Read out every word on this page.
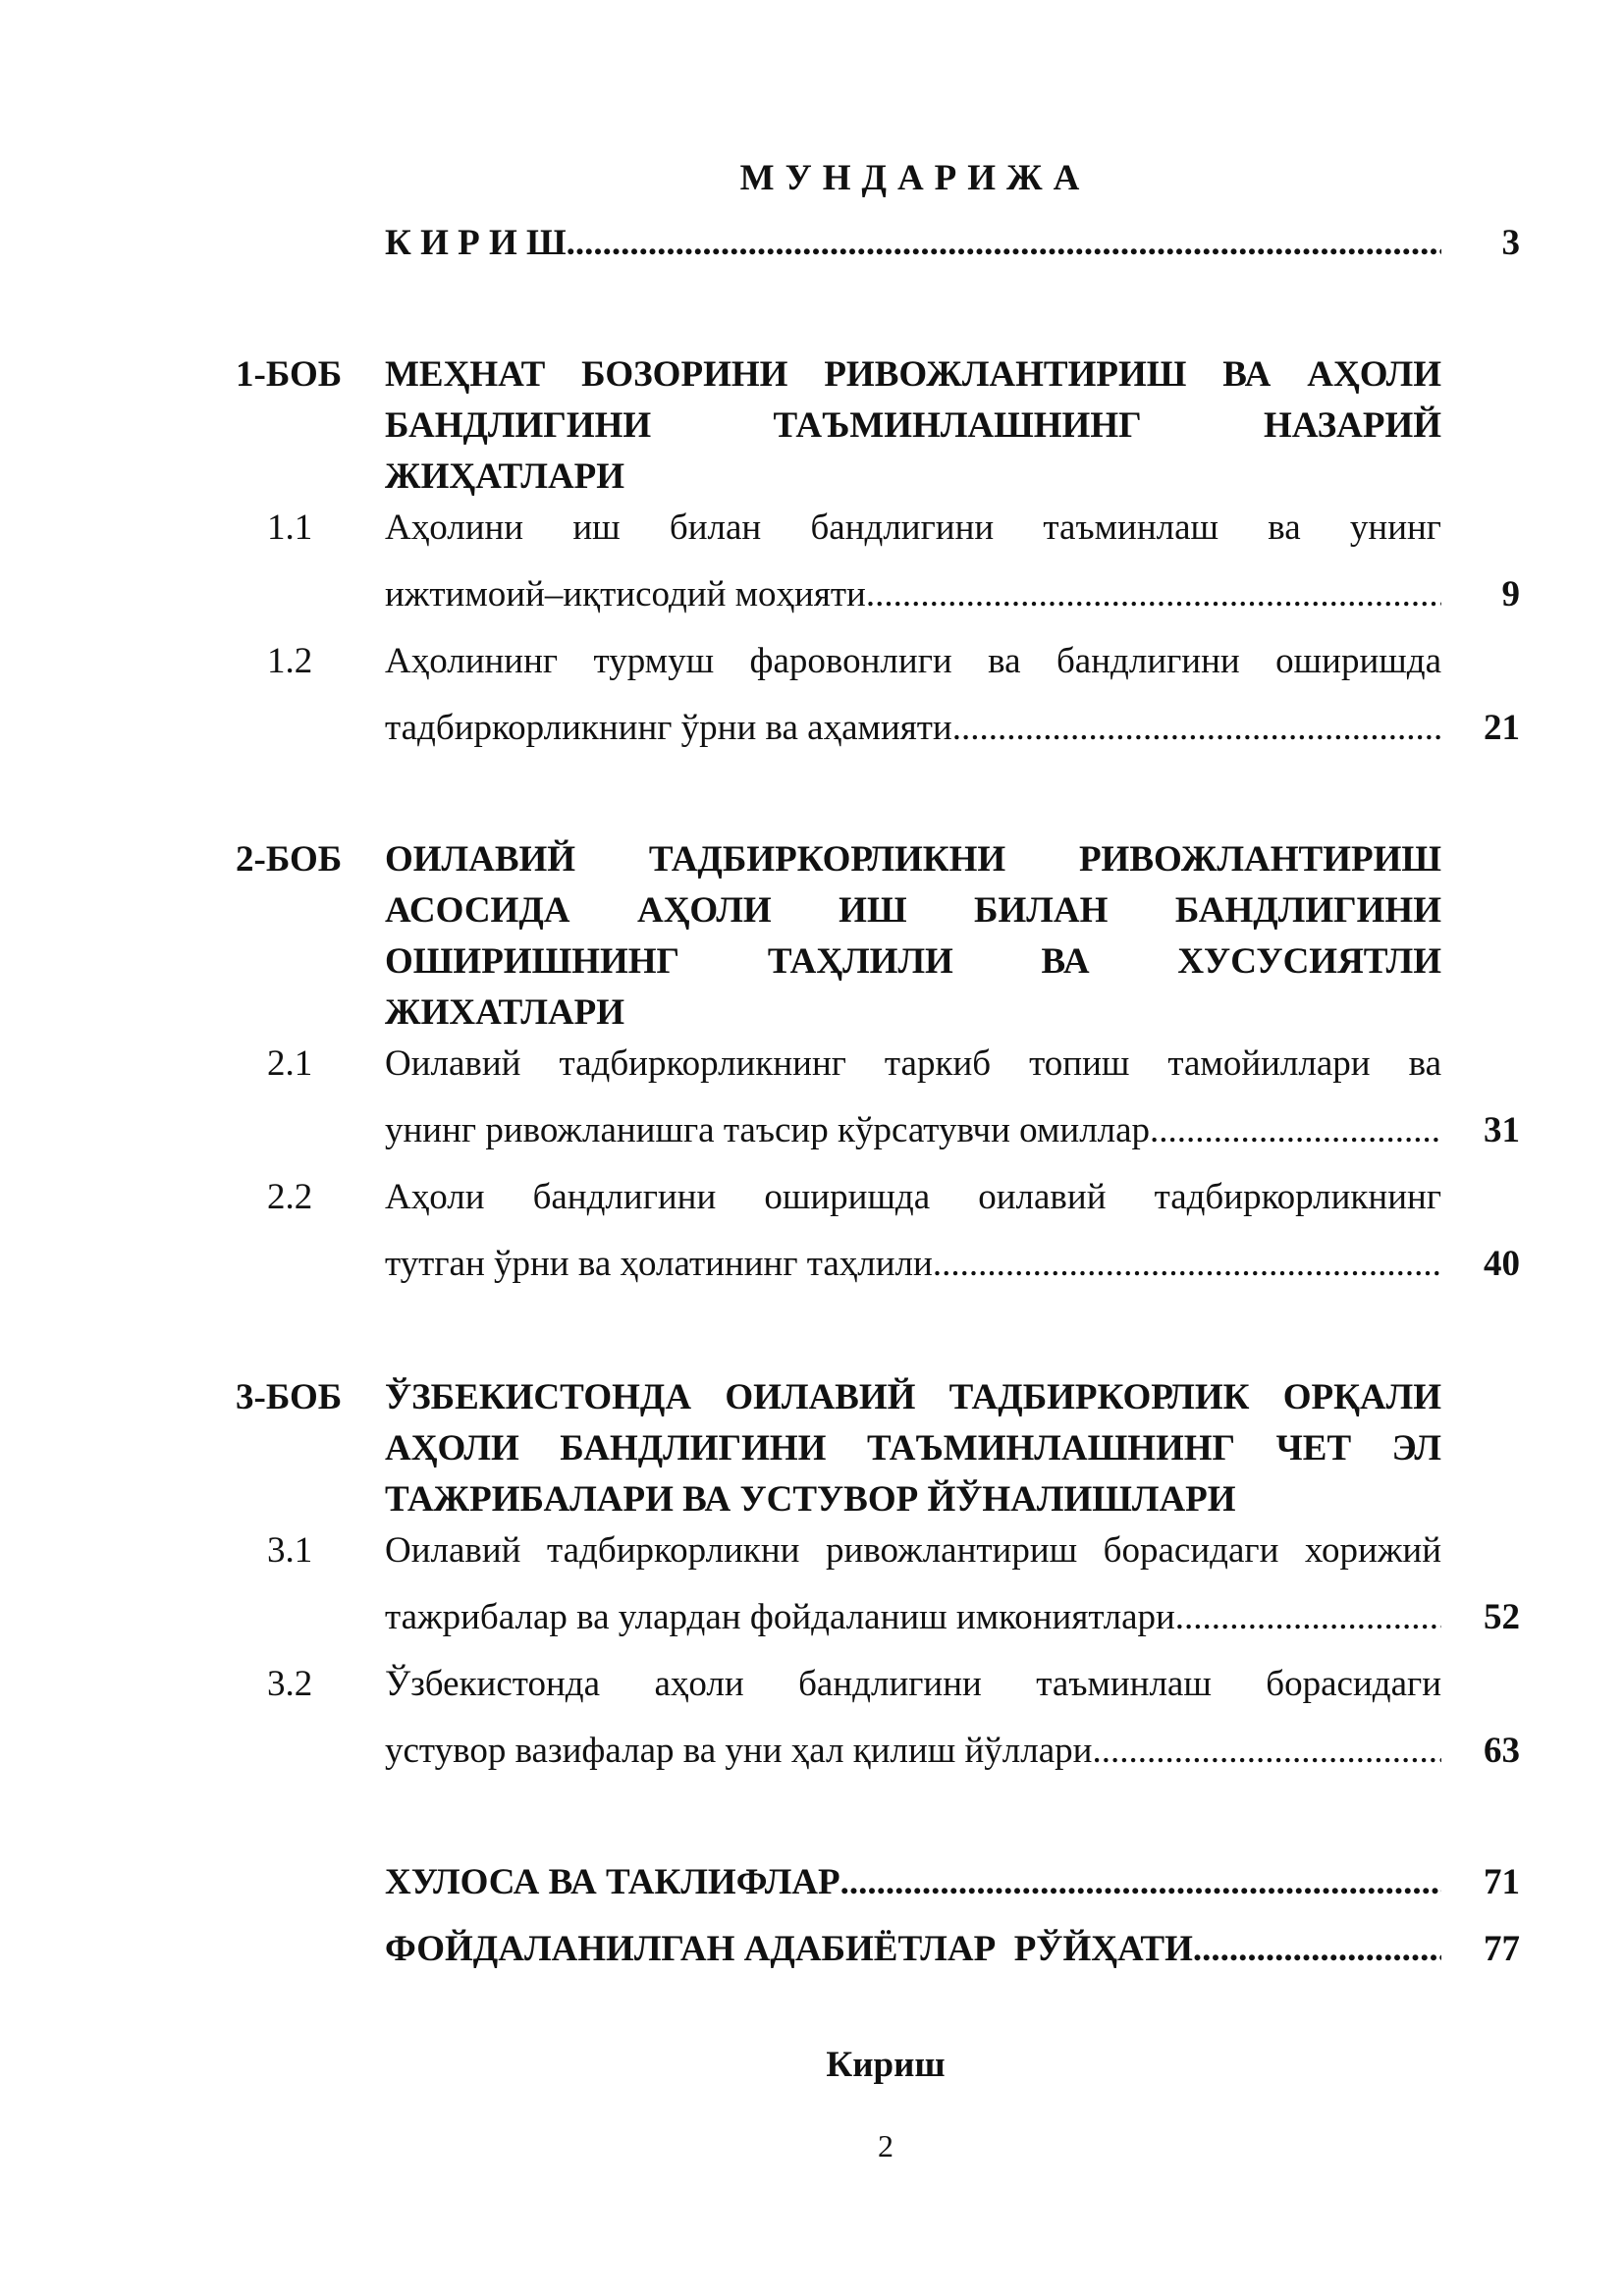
МУНДАРИЖА
К И Р И Ш .....	3
1-БОБ МЕҲНАТ БОЗОРИНИ РИВОЖЛАНТИРИШ ВА АҲОЛИ
БАНДЛИГИНИ ТАЪМИНЛАШНИНГ НАЗАРИЙ
ЖИҲАТЛАРИ
1.1 Аҳолини иш билан бандлигини таъминлаш ва унинг
ижтимоий–иқтисодий моҳияти .....	9
1.2 Аҳолининг турмуш фаровонлиги ва бандлигини оширишда
тадбиркорликнинг ўрни ва аҳамияти .....	21
2-БОБ ОИЛАВИЙ ТАДБИРКОРЛИКНИ РИВОЖЛАНТИРИШ
АСОСИДА АҲОЛИ ИШ БИЛАН БАНДЛИГИНИ
ОШИРИШНИНГ ТАҲЛИЛИ ВА ХУСУСИЯТЛИ
ЖИХАТЛАРИ
2.1 Оилавий тадбиркорликнинг таркиб топиш тамойиллари ва
унинг ривожланишга таъсир кўрсатувчи омиллар .....	31
2.2 Аҳоли бандлигини оширишда оилавий тадбиркорликнинг
тутган ўрни ва ҳолатининг таҳлили .....	40
3-БОБ ЎЗБЕКИСТОНДА ОИЛАВИЙ ТАДБИРКОРЛИК ОРҚАЛИ
АҲОЛИ БАНДЛИГИНИ ТАЪМИНЛАШНИНГ ЧЕТ ЭЛ
ТАЖРИБАЛАРИ ВА УСТУВОР ЙЎНАЛИШЛАРИ
3.1 Оилавий тадбиркорликни ривожлантириш борасидаги хорижий
тажрибалар ва улардан фойдаланиш имкониятлари .....	52
3.2 Ўзбекистонда аҳоли бандлигини таъминлаш борасидаги
устувор вазифалар ва уни ҳал қилиш йўллари .....	63
ХУЛОСА ВА ТАКЛИФЛАР .....	71
ФОЙДАЛАНИЛГАН АДАБИЁТЛАР  РЎЙҲАТИ .....	77
Кириш
2
